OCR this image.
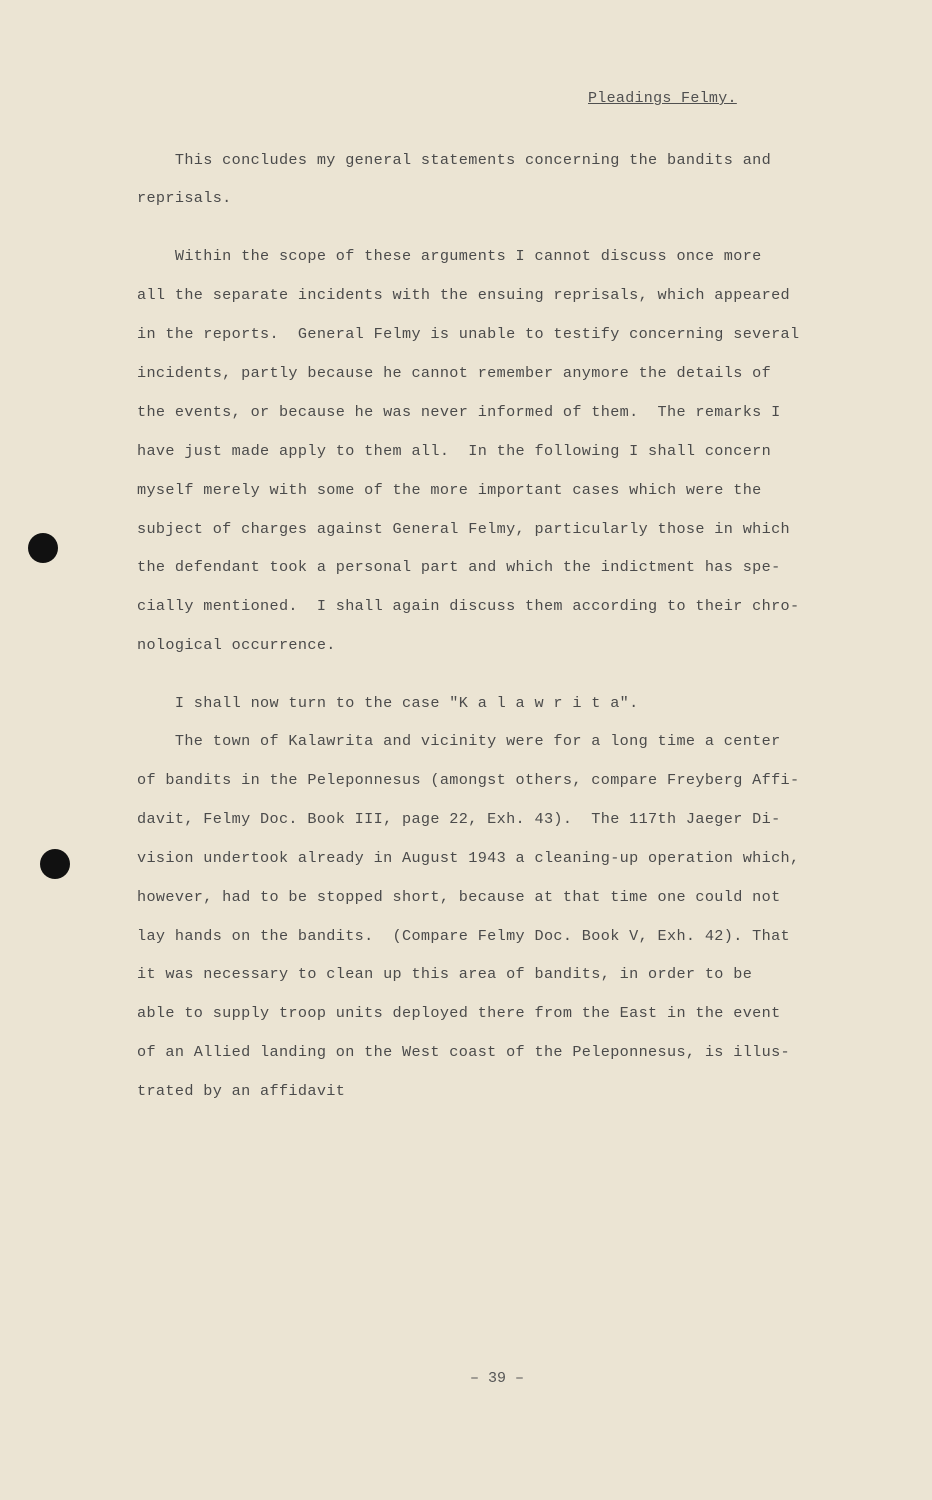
Pleadings Felmy.
This concludes my general statements concerning the bandits and
reprisals.
Within the scope of these arguments I cannot discuss once more
all the separate incidents with the ensuing reprisals, which appeared
in the reports.  General Felmy is unable to testify concerning several
incidents, partly because he cannot remember anymore the details of
the events, or because he was never informed of them.  The remarks I
have just made apply to them all.  In the following I shall concern
myself merely with some of the more important cases which were the
subject of charges against General Felmy, particularly those in which
the defendant took a personal part and which the indictment has spe-
cially mentioned.  I shall again discuss them according to their chro-
nological occurrence.
I shall now turn to the case "K a l a w r i t a".
The town of Kalawrita and vicinity were for a long time a center
of bandits in the Peleponnesus (amongst others, compare Freyberg Affi-
davit, Felmy Doc. Book III, page 22, Exh. 43).  The 117th Jaeger Di-
vision undertook already in August 1943 a cleaning-up operation which,
however, had to be stopped short, because at that time one could not
lay hands on the bandits.  (Compare Felmy Doc. Book V, Exh. 42). That
it was necessary to clean up this area of bandits, in order to be
able to supply troop units deployed there from the East in the event
of an Allied landing on the West coast of the Peleponnesus, is illus-
trated by an affidavit
– 39 –
